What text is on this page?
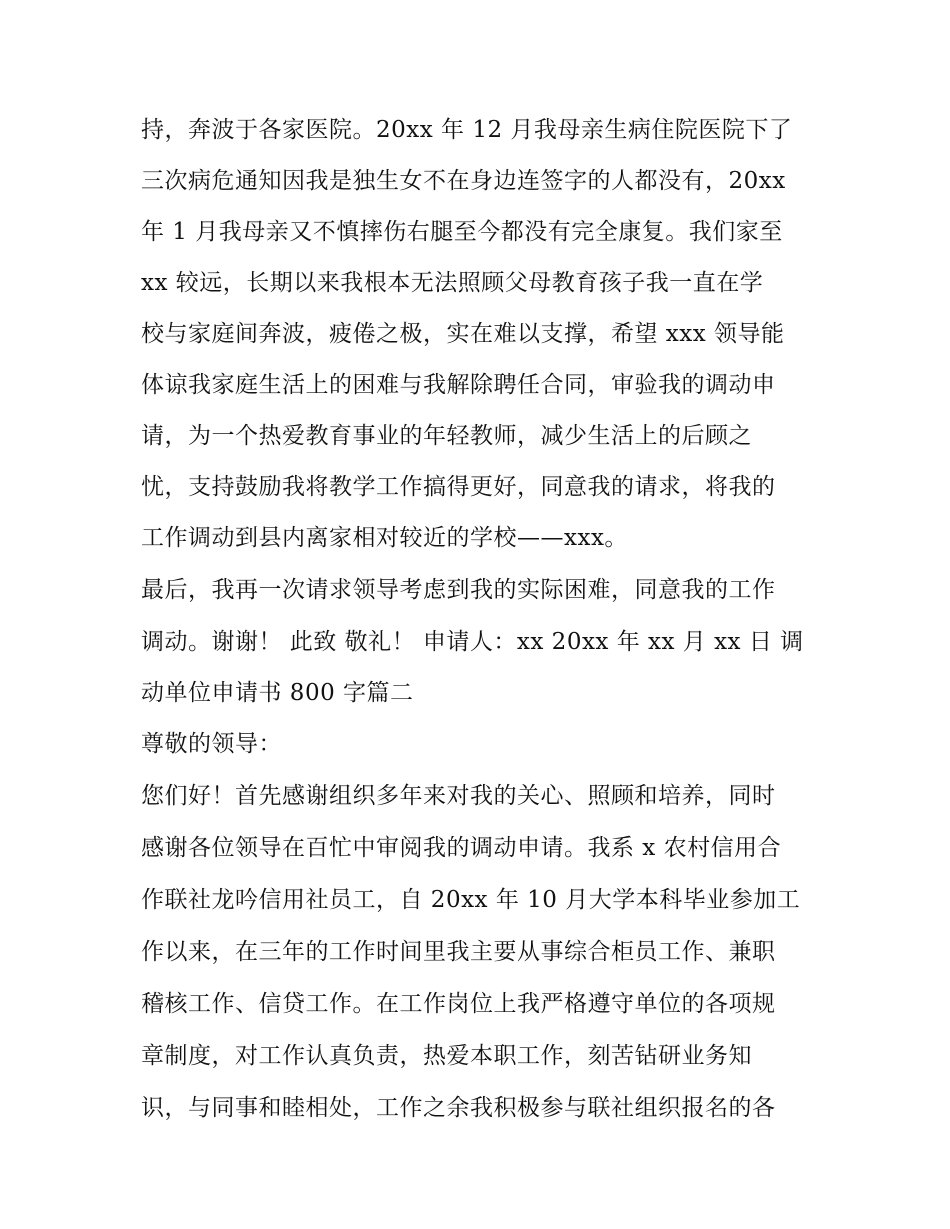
持，奔波于各家医院。20xx 年 12 月我母亲生病住院医院下了
三次病危通知因我是独生女不在身边连签字的人都没有，20xx
年 1 月我母亲又不慎摔伤右腿至今都没有完全康复。我们家至
xx 较远，长期以来我根本无法照顾父母教育孩子我一直在学
校与家庭间奔波，疲倦之极，实在难以支撑，希望 xxx 领导能
体谅我家庭生活上的困难与我解除聘任合同，审验我的调动申
请，为一个热爱教育事业的年轻教师，减少生活上的后顾之
忧，支持鼓励我将教学工作搞得更好，同意我的请求，将我的
工作调动到县内离家相对较近的学校——xxx。
最后，我再一次请求领导考虑到我的实际困难，同意我的工作
调动。谢谢！ 此致 敬礼！ 申请人：xx 20xx 年 xx 月 xx 日 调
动单位申请书 800 字篇二
尊敬的领导：
您们好！首先感谢组织多年来对我的关心、照顾和培养，同时
感谢各位领导在百忙中审阅我的调动申请。我系 x 农村信用合
作联社龙吟信用社员工，自 20xx 年 10 月大学本科毕业参加工
作以来，在三年的工作时间里我主要从事综合柜员工作、兼职
稽核工作、信贷工作。在工作岗位上我严格遵守单位的各项规
章制度，对工作认真负责，热爱本职工作，刻苦钻研业务知
识，与同事和睦相处，工作之余我积极参与联社组织报名的各
